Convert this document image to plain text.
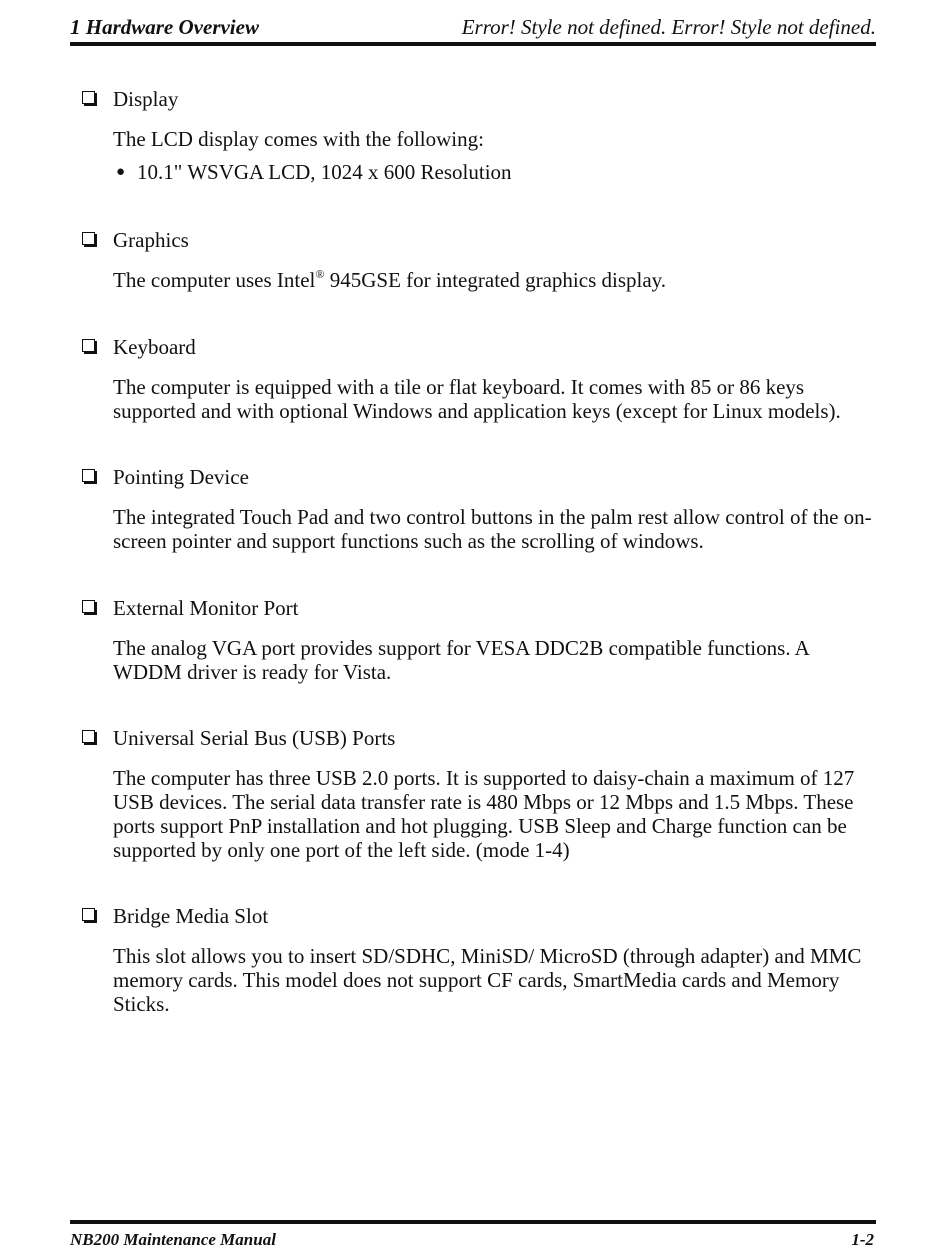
1 Hardware Overview	Error! Style not defined. Error! Style not defined.
Display
The LCD display comes with the following:
● 10.1" WSVGA LCD, 1024 x 600 Resolution
Graphics
The computer uses Intel® 945GSE for integrated graphics display.
Keyboard
The computer is equipped with a tile or flat keyboard. It comes with 85 or 86 keys supported and with optional Windows and application keys (except for Linux models).
Pointing Device
The integrated Touch Pad and two control buttons in the palm rest allow control of the on-screen pointer and support functions such as the scrolling of windows.
External Monitor Port
The analog VGA port provides support for VESA DDC2B compatible functions. A WDDM driver is ready for Vista.
Universal Serial Bus (USB) Ports
The computer has three USB 2.0 ports. It is supported to daisy-chain a maximum of 127 USB devices. The serial data transfer rate is 480 Mbps or 12 Mbps and 1.5 Mbps. These ports support PnP installation and hot plugging. USB Sleep and Charge function can be supported by only one port of the left side. (mode 1-4)
Bridge Media Slot
This slot allows you to insert SD/SDHC, MiniSD/ MicroSD (through adapter) and MMC memory cards. This model does not support CF cards, SmartMedia cards and Memory Sticks.
NB200 Maintenance Manual	1-2
